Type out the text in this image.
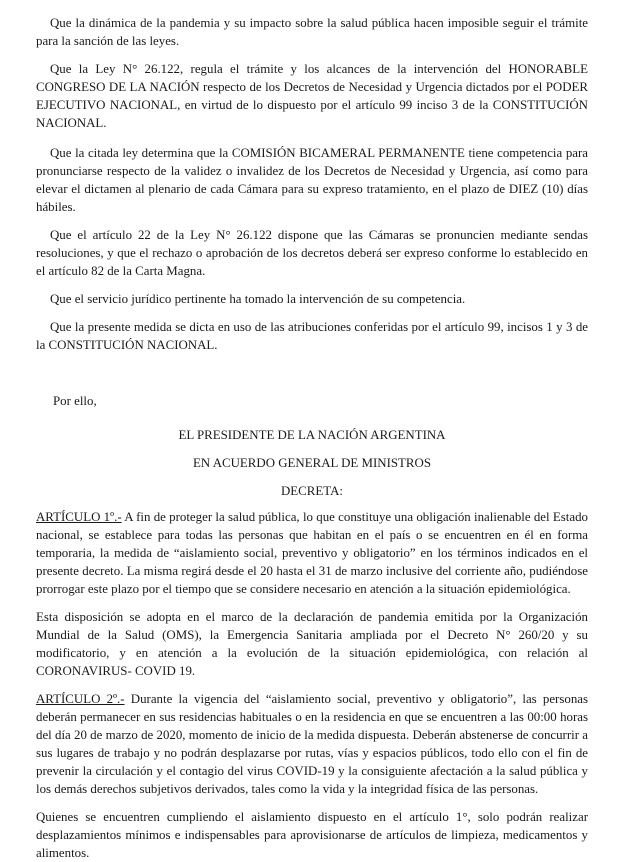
Que la dinámica de la pandemia y su impacto sobre la salud pública hacen imposible seguir el trámite para la sanción de las leyes.

Que la Ley N° 26.122, regula el trámite y los alcances de la intervención del HONORABLE CONGRESO DE LA NACIÓN respecto de los Decretos de Necesidad y Urgencia dictados por el PODER EJECUTIVO NACIONAL, en virtud de lo dispuesto por el artículo 99 inciso 3 de la CONSTITUCIÓN NACIONAL.

Que la citada ley determina que la COMISIÓN BICAMERAL PERMANENTE tiene competencia para pronunciarse respecto de la validez o invalidez de los Decretos de Necesidad y Urgencia, así como para elevar el dictamen al plenario de cada Cámara para su expreso tratamiento, en el plazo de DIEZ (10) días hábiles.

Que el artículo 22 de la Ley N° 26.122 dispone que las Cámaras se pronuncien mediante sendas resoluciones, y que el rechazo o aprobación de los decretos deberá ser expreso conforme lo establecido en el artículo 82 de la Carta Magna.

Que el servicio jurídico pertinente ha tomado la intervención de su competencia.

Que la presente medida se dicta en uso de las atribuciones conferidas por el artículo 99, incisos 1 y 3 de la CONSTITUCIÓN NACIONAL.

Por ello,

EL PRESIDENTE DE LA NACIÓN ARGENTINA

EN ACUERDO GENERAL DE MINISTROS

DECRETA:

ARTÍCULO 1º.- A fin de proteger la salud pública, lo que constituye una obligación inalienable del Estado nacional, se establece para todas las personas que habitan en el país o se encuentren en él en forma temporaria, la medida de “aislamiento social, preventivo y obligatorio” en los términos indicados en el presente decreto. La misma regirá desde el 20 hasta el 31 de marzo inclusive del corriente año, pudiéndose prorrogar este plazo por el tiempo que se considere necesario en atención a la situación epidemiológica.

Esta disposición se adopta en el marco de la declaración de pandemia emitida por la Organización Mundial de la Salud (OMS), la Emergencia Sanitaria ampliada por el Decreto N° 260/20 y su modificatorio, y en atención a la evolución de la situación epidemiológica, con relación al CORONAVIRUS- COVID 19.

ARTÍCULO 2º.- Durante la vigencia del “aislamiento social, preventivo y obligatorio”, las personas deberán permanecer en sus residencias habituales o en la residencia en que se encuentren a las 00:00 horas del día 20 de marzo de 2020, momento de inicio de la medida dispuesta. Deberán abstenerse de concurrir a sus lugares de trabajo y no podrán desplazarse por rutas, vías y espacios públicos, todo ello con el fin de prevenir la circulación y el contagio del virus COVID-19 y la consiguiente afectación a la salud pública y los demás derechos subjetivos derivados, tales como la vida y la integridad física de las personas.

Quienes se encuentren cumpliendo el aislamiento dispuesto en el artículo 1°, solo podrán realizar desplazamientos mínimos e indispensables para aprovisionarse de artículos de limpieza, medicamentos y alimentos.
